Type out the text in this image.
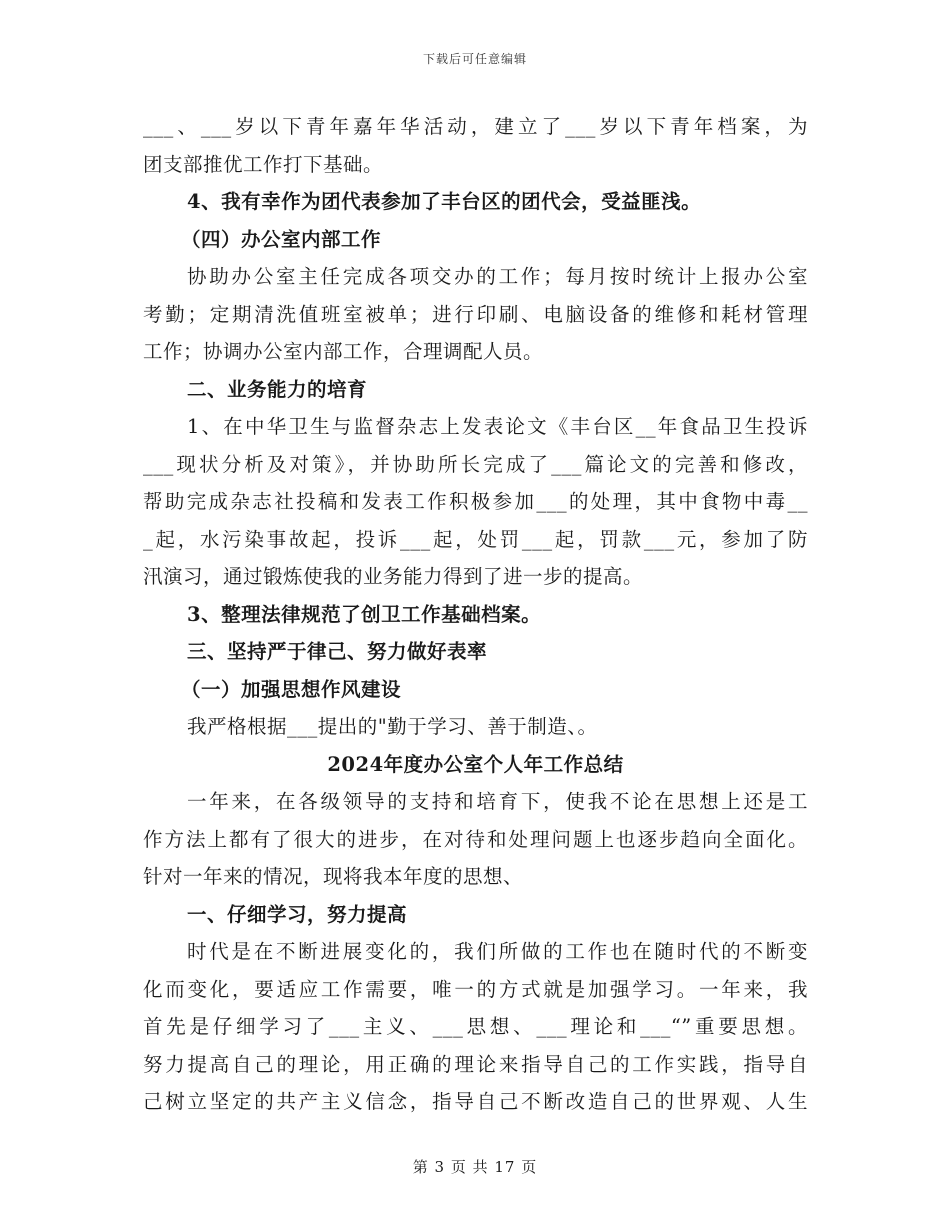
下载后可任意编辑
___、___岁以下青年嘉年华活动，建立了___岁以下青年档案，为
团支部推优工作打下基础。
4、我有幸作为团代表参加了丰台区的团代会，受益匪浅。
（四）办公室内部工作
协助办公室主任完成各项交办的工作；每月按时统计上报办公室
考勤；定期清洗值班室被单；进行印刷、电脑设备的维修和耗材管理
工作；协调办公室内部工作，合理调配人员。
二、业务能力的培育
1、在中华卫生与监督杂志上发表论文《丰台区__年食品卫生投诉
___现状分析及对策》，并协助所长完成了___篇论文的完善和修改，
帮助完成杂志社投稿和发表工作积极参加___的处理，其中食物中毒__
_起，水污染事故起，投诉___起，处罚___起，罚款___元，参加了防
汛演习，通过锻炼使我的业务能力得到了进一步的提高。
3、整理法律规范了创卫工作基础档案。
三、坚持严于律己、努力做好表率
（一）加强思想作风建设
我严格根据___提出的"勤于学习、善于制造、。
2024年度办公室个人年工作总结
一年来，在各级领导的支持和培育下，使我不论在思想上还是工
作方法上都有了很大的进步，在对待和处理问题上也逐步趋向全面化。
针对一年来的情况，现将我本年度的思想、
一、仔细学习，努力提高
时代是在不断进展变化的，我们所做的工作也在随时代的不断变
化而变化，要适应工作需要，唯一的方式就是加强学习。一年来，我
首先是仔细学习了___主义、___思想、___理论和___“”重要思想。
努力提高自己的理论，用正确的理论来指导自己的工作实践，指导自
己树立坚定的共产主义信念，指导自己不断改造自己的世界观、人生
第 3 页 共 17 页
